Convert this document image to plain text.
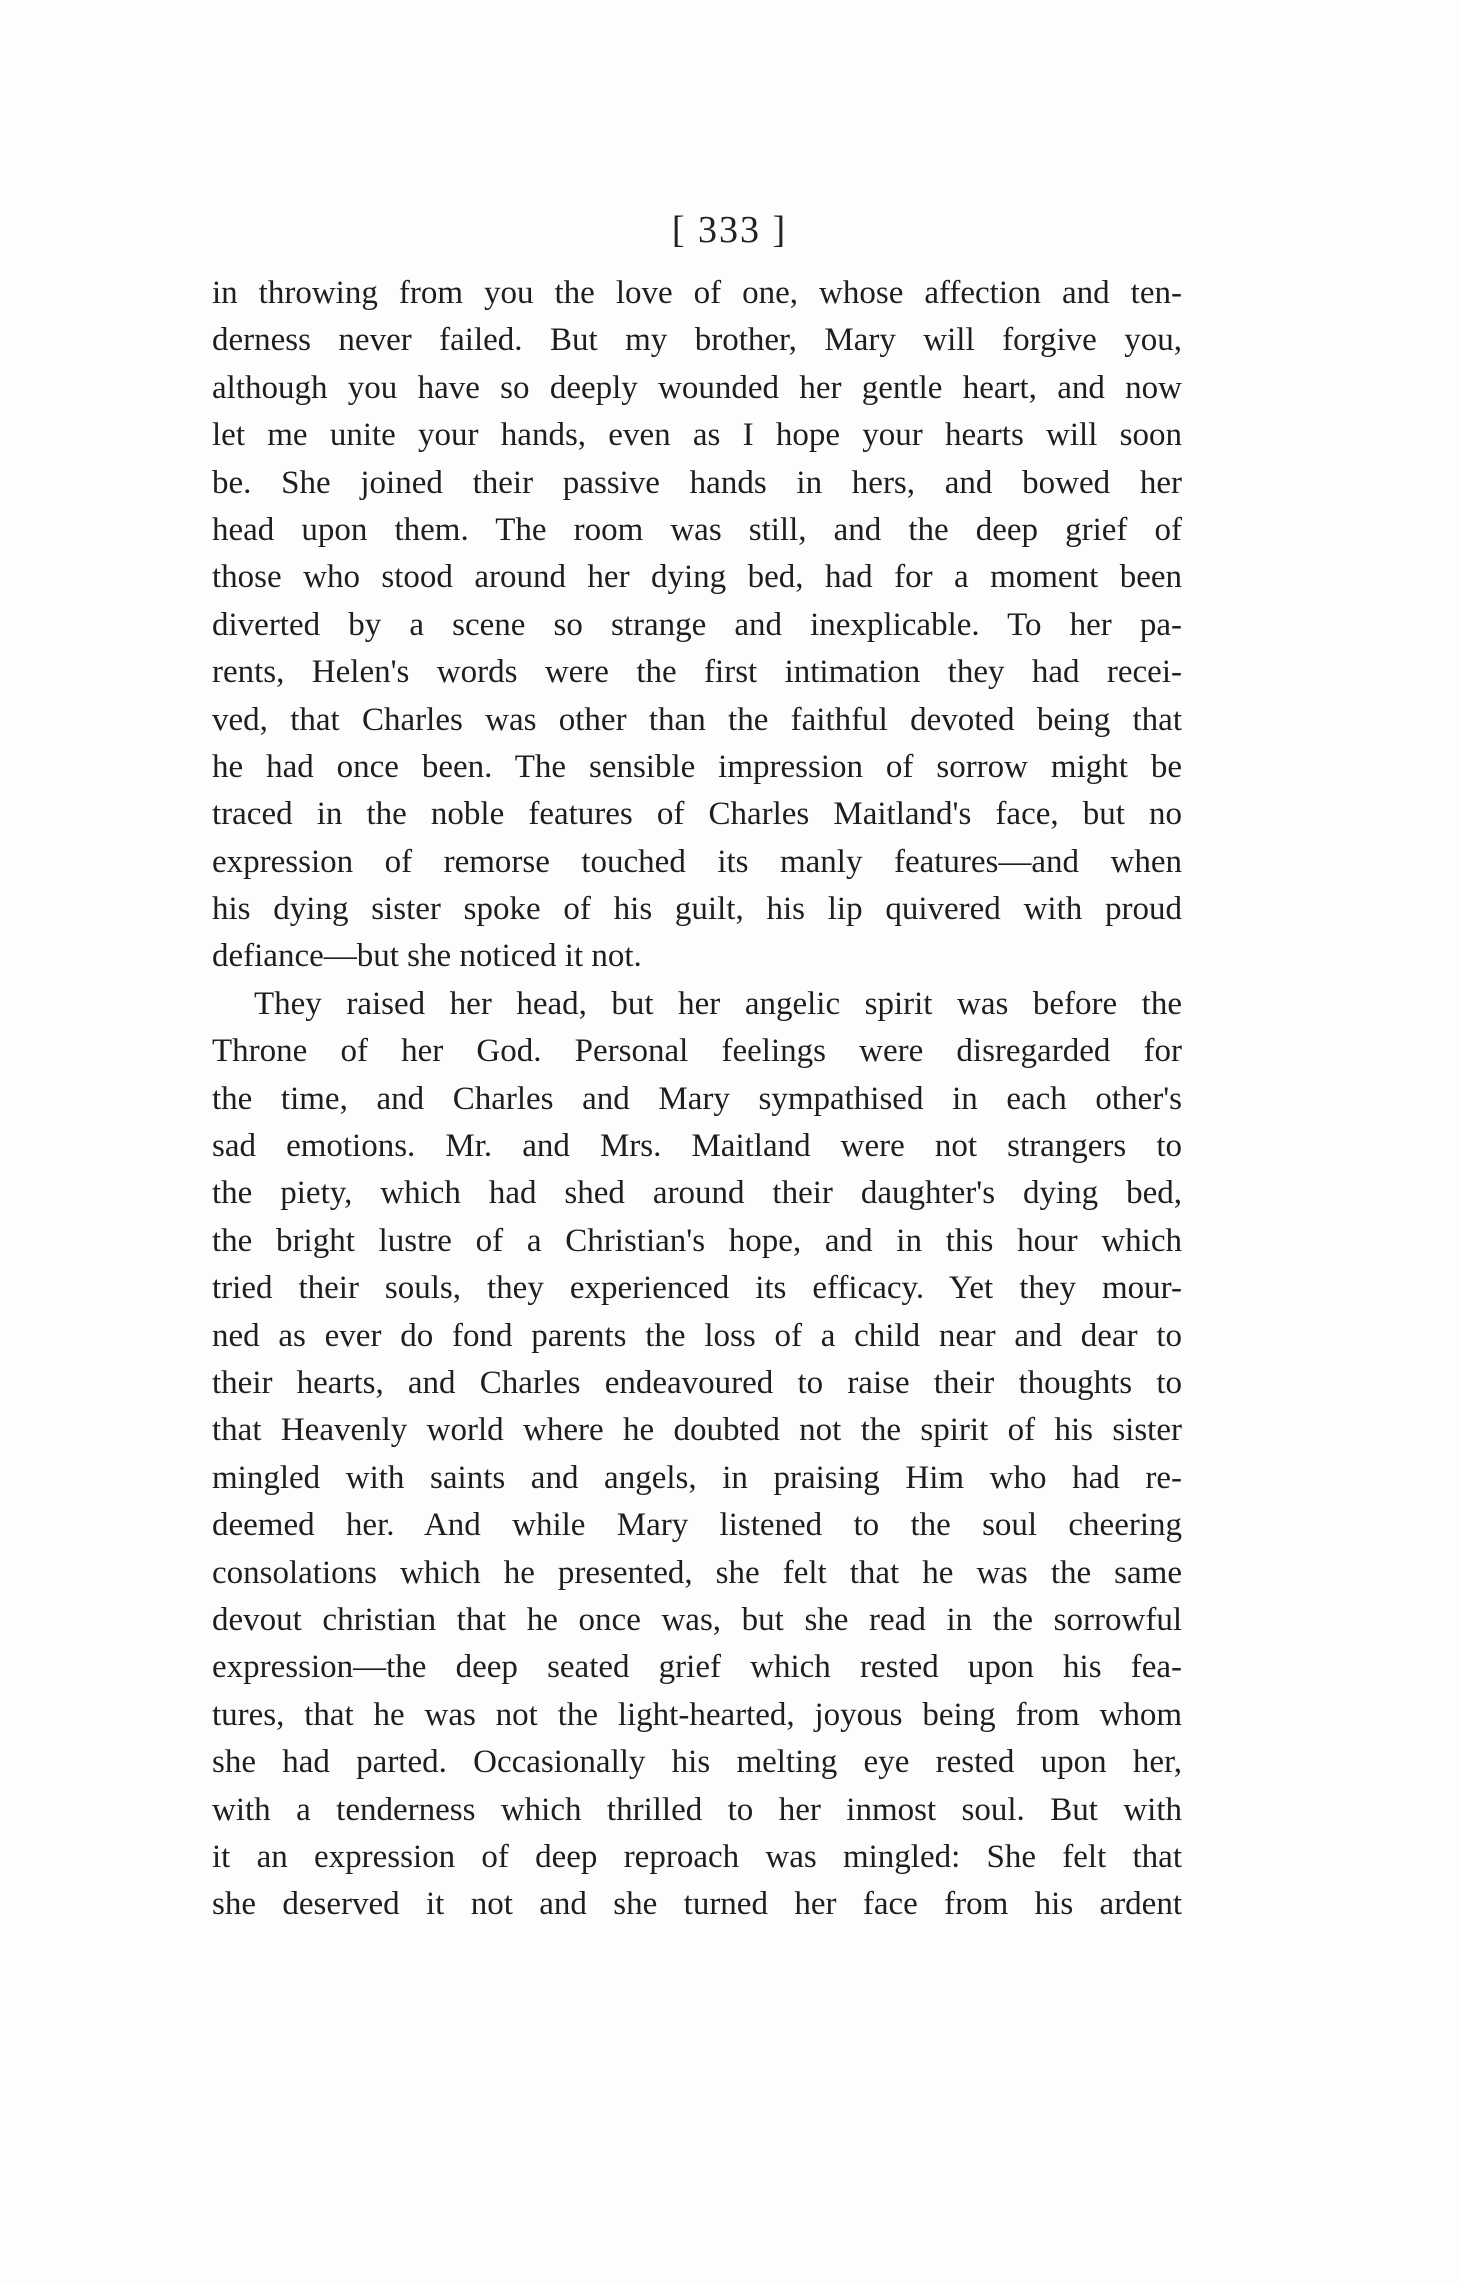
[ 333 ]
in throwing from you the love of one, whose affection and ten-
derness never failed. But my brother, Mary will forgive you,
although you have so deeply wounded her gentle heart, and now
let me unite your hands, even as I hope your hearts will soon
be. She joined their passive hands in hers, and bowed her
head upon them. The room was still, and the deep grief of
those who stood around her dying bed, had for a moment been
diverted by a scene so strange and inexplicable. To her pa-
rents, Helen's words were the first intimation they had recei-
ved, that Charles was other than the faithful devoted being that
he had once been. The sensible impression of sorrow might be
traced in the noble features of Charles Maitland's face, but no
expression of remorse touched its manly features—and when
his dying sister spoke of his guilt, his lip quivered with proud
defiance—but she noticed it not.
They raised her head, but her angelic spirit was before the
Throne of her God. Personal feelings were disregarded for
the time, and Charles and Mary sympathised in each other's
sad emotions. Mr. and Mrs. Maitland were not strangers to
the piety, which had shed around their daughter's dying bed,
the bright lustre of a Christian's hope, and in this hour which
tried their souls, they experienced its efficacy. Yet they mour-
ned as ever do fond parents the loss of a child near and dear to
their hearts, and Charles endeavoured to raise their thoughts to
that Heavenly world where he doubted not the spirit of his sister
mingled with saints and angels, in praising Him who had re-
deemed her. And while Mary listened to the soul cheering
consolations which he presented, she felt that he was the same
devout christian that he once was, but she read in the sorrowful
expression—the deep seated grief which rested upon his fea-
tures, that he was not the light-hearted, joyous being from whom
she had parted. Occasionally his melting eye rested upon her,
with a tenderness which thrilled to her inmost soul. But with
it an expression of deep reproach was mingled: She felt that
she deserved it not and she turned her face from his ardent
